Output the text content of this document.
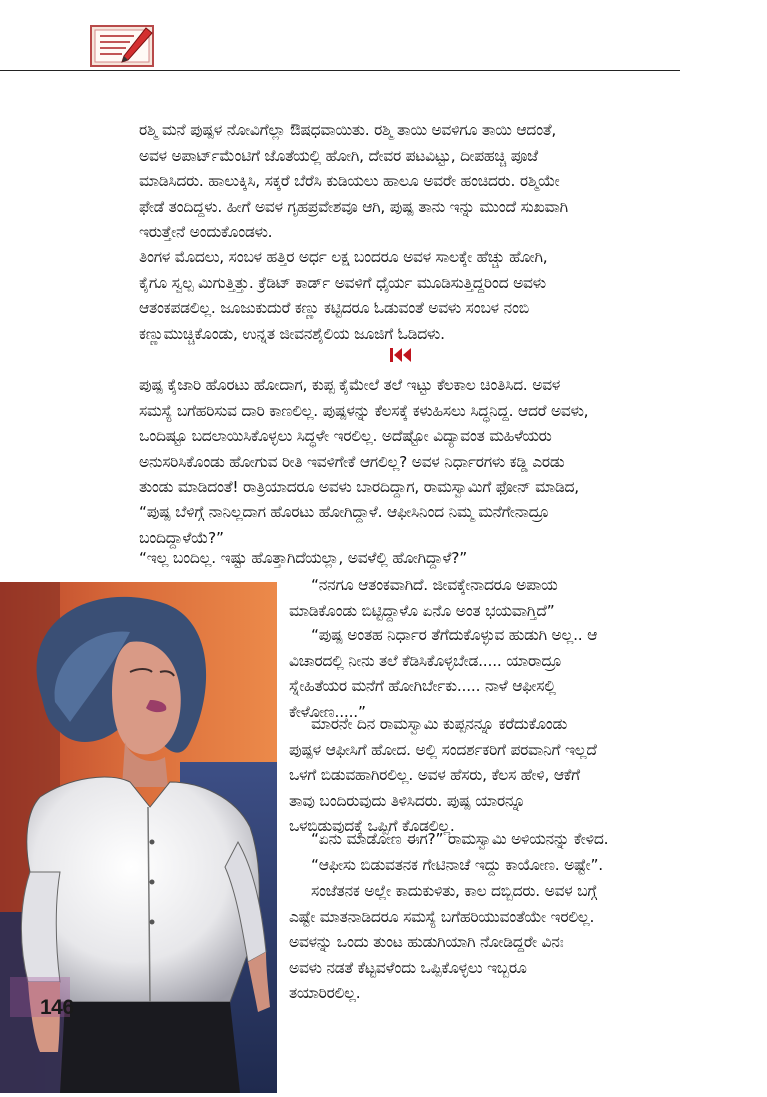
ರಶ್ಮಿ ಮನೆ ಪುಷ್ಪಳ ನೋವಿಗೆಲ್ಲಾ ಔಷಧವಾಯಿತು. ರಶ್ಮಿ ತಾಯಿ ಅವಳಿಗೂ ತಾಯಿ ಆದಂತೆ,
ಅವಳ ಅಪಾರ್ಟ್‌ಮೆಂಟಿಗೆ ಜೊತೆಯಲ್ಲಿ ಹೋಗಿ, ದೇವರ ಪಟವಿಟ್ಟು, ದೀಪಹಚ್ಚಿ ಪೂಜೆ
ಮಾಡಿಸಿದರು. ಹಾಲುಕ್ಕಿಸಿ, ಸಕ್ಕರೆ ಬೆರೆಸಿ ಕುಡಿಯಲು ಹಾಲೂ ಅವರೇ ಹಂಚಿದರು. ರಶ್ಮಿಯೇ
ಫೇಡೆ ತಂದಿದ್ದಳು. ಹೀಗೆ ಅವಳ ಗೃಹಪ್ರವೇಶವೂ ಆಗಿ, ಪುಷ್ಪ ತಾನು ಇನ್ನು ಮುಂದೆ ಸುಖವಾಗಿ
ಇರುತ್ತೇನೆ ಅಂದುಕೊಂಡಳು.

ತಿಂಗಳ ಮೊದಲು, ಸಂಬಳ ಹತ್ತಿರ ಅರ್ಧ ಲಕ್ಷ ಬಂದರೂ ಅವಳ ಸಾಲಕ್ಕೇ ಹೆಚ್ಚು ಹೋಗಿ,
ಕೈಗೂ ಸ್ವಲ್ಪ ಮಿಗುತ್ತಿತ್ತು. ಕ್ರೆಡಿಟ್ ಕಾರ್ಡ್ ಅವಳಿಗೆ ಧೈರ್ಯ ಮೂಡಿಸುತ್ತಿದ್ದರಿಂದ ಅವಳು
ಆತಂಕಪಡಲಿಲ್ಲ. ಜೂಜುಕುದುರೆ ಕಣ್ಣು ಕಟ್ಟಿದರೂ ಓಡುವಂತೆ ಅವಳು ಸಂಬಳ ನಂಬಿ
ಕಣ್ಣುಮುಚ್ಚಿಕೊಂಡು, ಉನ್ನತ ಜೀವನಶೈಲಿಯ ಜೂಜಿಗೆ ಓಡಿದಳು.

ಪುಷ್ಪ ಕೈಜಾರಿ ಹೊರಟು ಹೋದಾಗ, ಕುಪ್ಪ ಕೈಮೇಲೆ ತಲೆ ಇಟ್ಟು ಕೆಲಕಾಲ ಚಿಂತಿಸಿದ. ಅವಳ
ಸಮಸ್ಯೆ ಬಗೆಹರಿಸುವ ದಾರಿ ಕಾಣಲಿಲ್ಲ. ಪುಷ್ಪಳನ್ನು ಕೆಲಸಕ್ಕೆ ಕಳುಹಿಸಲು ಸಿದ್ಧನಿದ್ದ. ಆದರೆ ಅವಳು,
ಒಂದಿಷ್ಟೂ ಬದಲಾಯಿಸಿಕೊಳ್ಳಲು ಸಿದ್ಧಳೇ ಇರಲಿಲ್ಲ. ಅದೆಷ್ಟೋ ವಿದ್ಯಾವಂತ ಮಹಿಳೆಯರು
ಅನುಸರಿಸಿಕೊಂಡು ಹೋಗುವ ರೀತಿ ಇವಳಿಗೇಕೆ ಆಗಲಿಲ್ಲ? ಅವಳ ನಿರ್ಧಾರಗಳು ಕಡ್ಡಿ ಎರಡು
ತುಂಡು ಮಾಡಿದಂತೆ! ರಾತ್ರಿಯಾದರೂ ಅವಳು ಬಾರದಿದ್ದಾಗ, ರಾಮಸ್ವಾಮಿಗೆ ಫೋನ್ ಮಾಡಿದ,

“ಪುಷ್ಪ ಬೆಳಿಗ್ಗೆ ನಾನಿಲ್ಲದಾಗ ಹೊರಟು ಹೋಗಿದ್ದಾಳೆ. ಆಫೀಸಿನಿಂದ ನಿಮ್ಮ ಮನೆಗೇನಾದ್ರೂ
ಬಂದಿದ್ದಾಳೆಯೆ?”

“ಇಲ್ಲ ಬಂದಿಲ್ಲ. ಇಷ್ಟು ಹೊತ್ತಾಗಿದೆಯಲ್ಲಾ, ಅವಳೆಲ್ಲಿ ಹೋಗಿದ್ದಾಳೆ?”

146

“ನನಗೂ ಆತಂಕವಾಗಿದೆ. ಜೀವಕ್ಕೇನಾದರೂ ಅಪಾಯ
ಮಾಡಿಕೊಂಡು ಬಿಟ್ಟಿದ್ದಾಳೊ ಏನೊ ಅಂತ ಭಯವಾಗ್ತಿದೆ”

“ಪುಷ್ಪ ಅಂತಹ ನಿರ್ಧಾರ ತೆಗೆದುಕೊಳ್ಳುವ ಹುಡುಗಿ ಅಲ್ಲ.. ಆ
ವಿಚಾರದಲ್ಲಿ ನೀನು ತಲೆ ಕೆಡಿಸಿಕೊಳ್ಳಬೇಡ..... ಯಾರಾದ್ರೂ
ಸ್ನೇಹಿತೆಯರ ಮನೆಗೆ ಹೋಗಿರ್ಬೇಕು..... ನಾಳೆ ಆಫೀಸಲ್ಲಿ
ಕೇಳೋಣ.....”

ಮಾರನೇ ದಿನ ರಾಮಸ್ವಾಮಿ ಕುಪ್ಪನನ್ನೂ ಕರೆದುಕೊಂಡು
ಪುಷ್ಪಳ ಆಫೀಸಿಗೆ ಹೋದ. ಅಲ್ಲಿ ಸಂದರ್ಶಕರಿಗೆ ಪರವಾನಿಗೆ ಇಲ್ಲದೆ
ಒಳಗೆ ಬಿಡುವಹಾಗಿರಲಿಲ್ಲ. ಅವಳ ಹೆಸರು, ಕೆಲಸ ಹೇಳಿ, ಆಕೆಗೆ
ತಾವು ಬಂದಿರುವುದು ತಿಳಿಸಿದರು. ಪುಷ್ಪ ಯಾರನ್ನೂ
ಒಳಬಿಡುವುದಕ್ಕೆ ಒಪ್ಪಿಗೆ ಕೊಡಲಿಲ್ಲ.

“ಏನು ಮಾಡೋಣ ಈಗ?” ರಾಮಸ್ವಾಮಿ ಅಳಿಯನನ್ನು ಕೇಳಿದ.

“ಆಫೀಸು ಬಿಡುವತನಕ ಗೇಟಿನಾಚೆ ಇದ್ದು ಕಾಯೋಣ. ಅಷ್ಟೇ”.

ಸಂಜೆತನಕ ಅಲ್ಲೇ ಕಾದುಕುಳಿತು, ಕಾಲ ದಬ್ಬಿದರು. ಅವಳ ಬಗ್ಗೆ
ಎಷ್ಟೇ ಮಾತನಾಡಿದರೂ ಸಮಸ್ಯೆ ಬಗೆಹರಿಯುವಂತೆಯೇ ಇರಲಿಲ್ಲ.
ಅವಳನ್ನು ಒಂದು ತುಂಟ ಹುಡುಗಿಯಾಗಿ ನೋಡಿದ್ದರೇ ವಿನಃ
ಅವಳು ನಡತೆ ಕೆಟ್ಟವಳೆಂದು ಒಪ್ಪಿಕೊಳ್ಳಲು ಇಬ್ಬರೂ
ತಯಾರಿರಲಿಲ್ಲ.
